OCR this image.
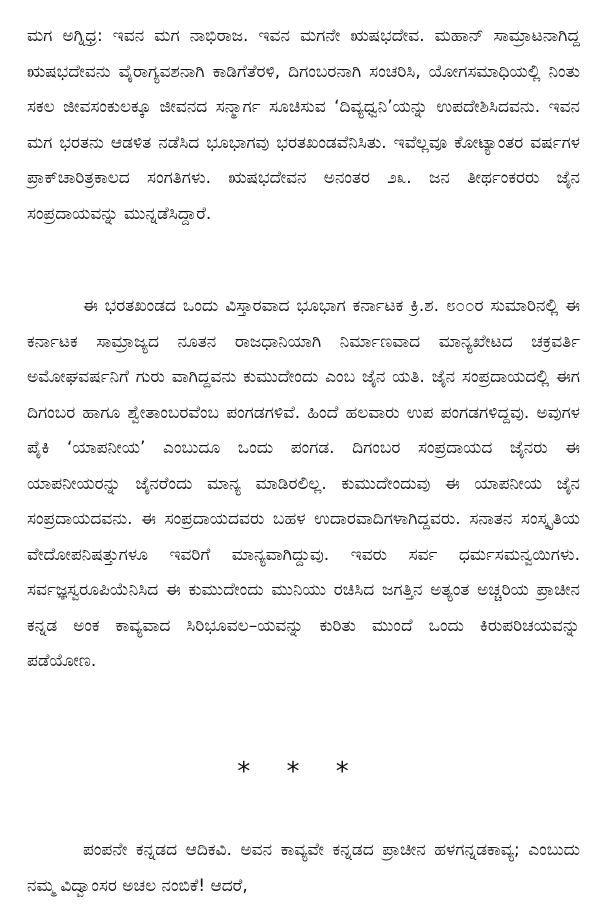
ಮಗ ಅಗ್ನಿಧ್ರ: ಇವನ ಮಗ ನಾಭಿರಾಜ. ಇವನ ಮಗನೇ ಋಷಭದೇವ. ಮಹಾನ್ ಸಾಮ್ರಾಟನಾಗಿದ್ದ ಋಷಭದೇವನು ವೈರಾಗ್ಯವಶನಾಗಿ ಕಾಡಿಗೆತೆರಳಿ, ದಿಗಂಬರನಾಗಿ ಸಂಚರಿಸಿ, ಯೋಗಸಮಾಧಿಯಲ್ಲಿ ನಿಂತು ಸಕಲ ಜೀವಸಂಕುಲಕ್ಕೂ ಜೀವನದ ಸನ್ಮಾರ್ಗ ಸೂಚಿಸುವ ‘ದಿವ್ಯಧ್ವನಿ’ಯನ್ನು ಉಪದೇಶಿಸಿದವನು. ಇವನ ಮಗ ಭರತನು ಆಡಳಿತ ನಡೆಸಿದ ಭೂಭಾಗವು ಭರತಖಂಡವೆನಿಸಿತು. ಇವೆಲ್ಲವೂ ಕೋಟ್ಯಾಂತರ ವರ್ಷಗಳ ಪ್ರಾಕ್‌ಚಾರಿತ್ರಕಾಲದ ಸಂಗತಿಗಳು. ಋಷಭದೇವನ ಅನಂತರ ೨೩. ಜನ ತೀರ್ಥಂಕರರು ಜೈನ ಸಂಪ್ರದಾಯವನ್ನು ಮುನ್ನಡೆಸಿದ್ದಾರೆ.

ಈ ಭರತಖಂಡದ ಒಂದು ವಿಸ್ತಾರವಾದ ಭೂಭಾಗ ಕರ್ನಾಟಕ ಕ್ರಿ.ಶ. ೮೦೦ರ ಸುಮಾರಿನಲ್ಲಿ ಈ ಕರ್ನಾಟಕ ಸಾಮ್ರಾಜ್ಯದ ನೂತನ ರಾಜಧಾನಿಯಾಗಿ ನಿರ್ಮಾಣವಾದ ಮಾನ್ಯಖೇಟದ ಚಕ್ರವರ್ತಿ ಅಮೋಘವರ್ಷನಿಗೆ ಗುರು ವಾಗಿದ್ದವನು ಕುಮುದೇಂದು ಎಂಬ ಜೈನ ಯತಿ. ಜೈನ ಸಂಪ್ರದಾಯದಲ್ಲಿ ಈಗ ದಿಗಂಬರ ಹಾಗೂ ಶ್ವೇತಾಂಬರವೆಂಬ ಪಂಗಡಗಳಿವೆ. ಹಿಂದೆ ಹಲವಾರು ಉಪ ಪಂಗಡಗಳಿದ್ದವು. ಅವುಗಳ ಪೈಕಿ ‘ಯಾಪನೀಯ’ ಎಂಬುದೂ ಒಂದು ಪಂಗಡ. ದಿಗಂಬರ ಸಂಪ್ರದಾಯದ ಜೈನರು ಈ ಯಾಪನೀಯರನ್ನು ಜೈನರೆಂದು ಮಾನ್ಯ ಮಾಡಿರಲಿಲ್ಲ. ಕುಮುದೇಂದುವು ಈ ಯಾಪನೀಯ ಜೈನ ಸಂಪ್ರದಾಯದವನು. ಈ ಸಂಪ್ರದಾಯದವರು ಬಹಳ ಉದಾರವಾದಿಗಳಾಗಿದ್ದವರು. ಸನಾತನ ಸಂಸ್ಕೃತಿಯ ವೇದೋಪನಿಷತ್ತುಗಳೂ ಇವರಿಗೆ ಮಾನ್ಯವಾಗಿದ್ದುವು. ಇವರು ಸರ್ವ ಧರ್ಮಸಮನ್ವಯಿಗಳು. ಸರ್ವಜ್ಞಸ್ವರೂಪಿಯೆನಿಸಿದ ಈ ಕುಮುದೇಂದು ಮುನಿಯು ರಚಿಸಿದ ಜಗತ್ತಿನ ಅತ್ಯಂತ ಅಚ್ಚರಿಯ ಪ್ರಾಚೀನ ಕನ್ನಡ ಅಂಕ ಕಾವ್ಯವಾದ ಸಿರಿಭೂವಲ–ಯವನ್ನು ಕುರಿತು ಮುಂದೆ ಒಂದು ಕಿರುಪರಿಚಯವನ್ನು ಪಡೆಯೋಣ.

* * *

ಪಂಪನೇ ಕನ್ನಡದ ಆದಿಕವಿ. ಅವನ ಕಾವ್ಯವೇ ಕನ್ನಡದ ಪ್ರಾಚೀನ ಹಳಗನ್ನಡಕಾವ್ಯ; ಎಂಬುದು ನಮ್ಮ ವಿದ್ವಾಂಸರ ಅಚಲ ನಂಬಿಕೆ! ಆದರೆ,
